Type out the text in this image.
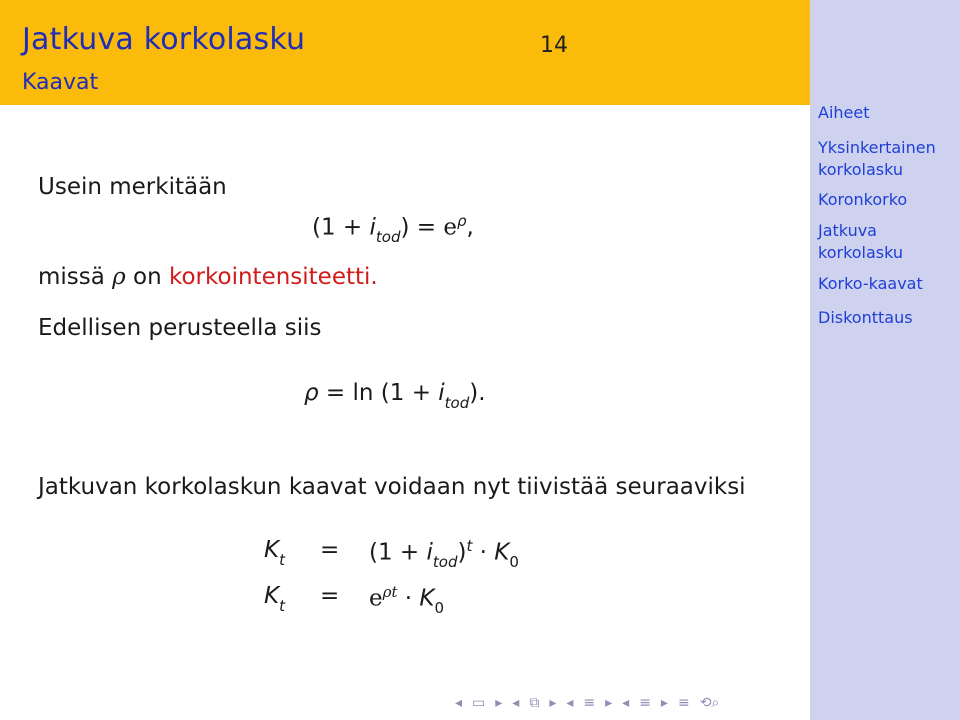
Jatkuva korkolasku	14
Kaavat
Aiheet
Yksinkertainen korkolasku
Koronkorko
Jatkuva korkolasku
Korko-kaavat
Diskonttaus
Usein merkitään
$(1 + i_{tod}) = e^\rho$,
missä ρ on korkointensiteetti.
Edellisen perusteella siis
$\rho = \ln (1 + i_{tod})$.
Jatkuvan korkolaskun kaavat voidaan nyt tiivistää seuraaviksi
$K_t = (1 + i_{tod})^t \cdot K_0$
$K_t = e^{\rho t} \cdot K_0$
◂ ▭ ▸ ◂ ⧉ ▸ ◂ ≡ ▸ ◂ ≡ ▸ ≡ ⟲⌕
